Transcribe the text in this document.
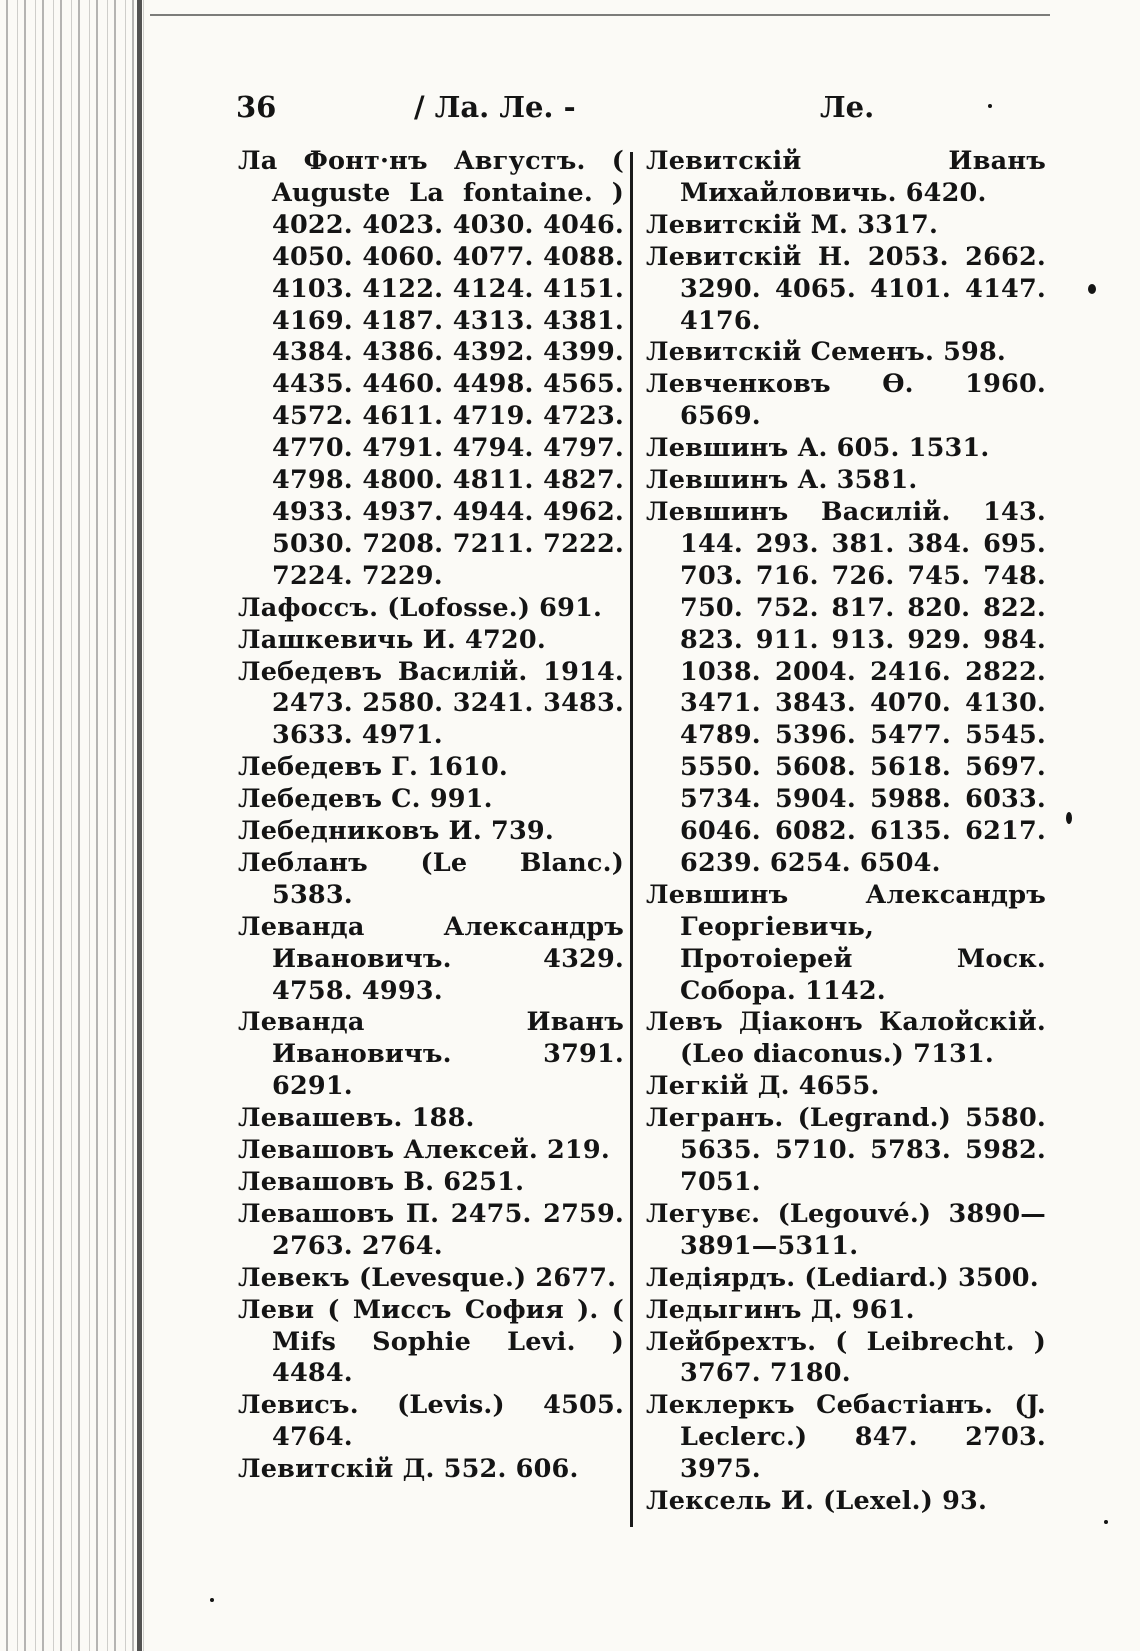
36	/ Ла. Ле. -	Ле.
Ла Фонт·нъ Августъ. ( Auguste La fontaine. ) 4022. 4023. 4030. 4046. 4050. 4060. 4077. 4088. 4103. 4122. 4124. 4151. 4169. 4187. 4313. 4381. 4384. 4386. 4392. 4399. 4435. 4460. 4498. 4565. 4572. 4611. 4719. 4723. 4770. 4791. 4794. 4797. 4798. 4800. 4811. 4827. 4933. 4937. 4944. 4962. 5030. 7208. 7211. 7222. 7224. 7229.
Лафоссъ. (Lofosse.) 691.
Лашкевичь И. 4720.
Лебедевъ Василій. 1914. 2473. 2580. 3241. 3483. 3633. 4971.
Лебедевъ Г. 1610.
Лебедевъ С. 991.
Лебедниковъ И. 739.
Лебланъ (Le Blanc.) 5383.
Леванда Александръ Ивановичъ. 4329. 4758. 4993.
Леванда Иванъ Ивановичъ. 3791. 6291.
Левашевъ. 188.
Левашовъ Алексей. 219.
Левашовъ В. 6251.
Левашовъ П. 2475. 2759. 2763. 2764.
Левекъ (Levesque.) 2677.
Леви ( Миссъ София ). ( Mifs Sophie Levi. ) 4484.
Левисъ. (Levis.) 4505. 4764.
Левитскій Д. 552. 606.
Левитскій Иванъ Михайловичь. 6420.
Левитскій М. 3317.
Левитскій Н. 2053. 2662. 3290. 4065. 4101. 4147. 4176.
Левитскій Семенъ. 598.
Левченковъ Ѳ. 1960. 6569.
Левшинъ А. 605. 1531.
Левшинъ А. 3581.
Левшинъ Василій. 143. 144. 293. 381. 384. 695. 703. 716. 726. 745. 748. 750. 752. 817. 820. 822. 823. 911. 913. 929. 984. 1038. 2004. 2416. 2822. 3471. 3843. 4070. 4130. 4789. 5396. 5477. 5545. 5550. 5608. 5618. 5697. 5734. 5904. 5988. 6033. 6046. 6082. 6135. 6217. 6239. 6254. 6504.
Левшинъ Александръ Георгіевичь, Протоіерей Моск. Собора. 1142.
Левъ Діаконъ Калойскій. (Leo diaconus.) 7131.
Легкій Д. 4655.
Легранъ. (Legrand.) 5580. 5635. 5710. 5783. 5982. 7051.
Легувє. (Legouvé.) 3890—3891—5311.
Ледіярдъ. (Lediard.) 3500.
Ледыгинъ Д. 961.
Лейбрехтъ. ( Leibrecht. ) 3767. 7180.
Леклеркъ Себастіанъ. (J. Leclerc.) 847. 2703. 3975.
Лексель И. (Lexel.) 93.
